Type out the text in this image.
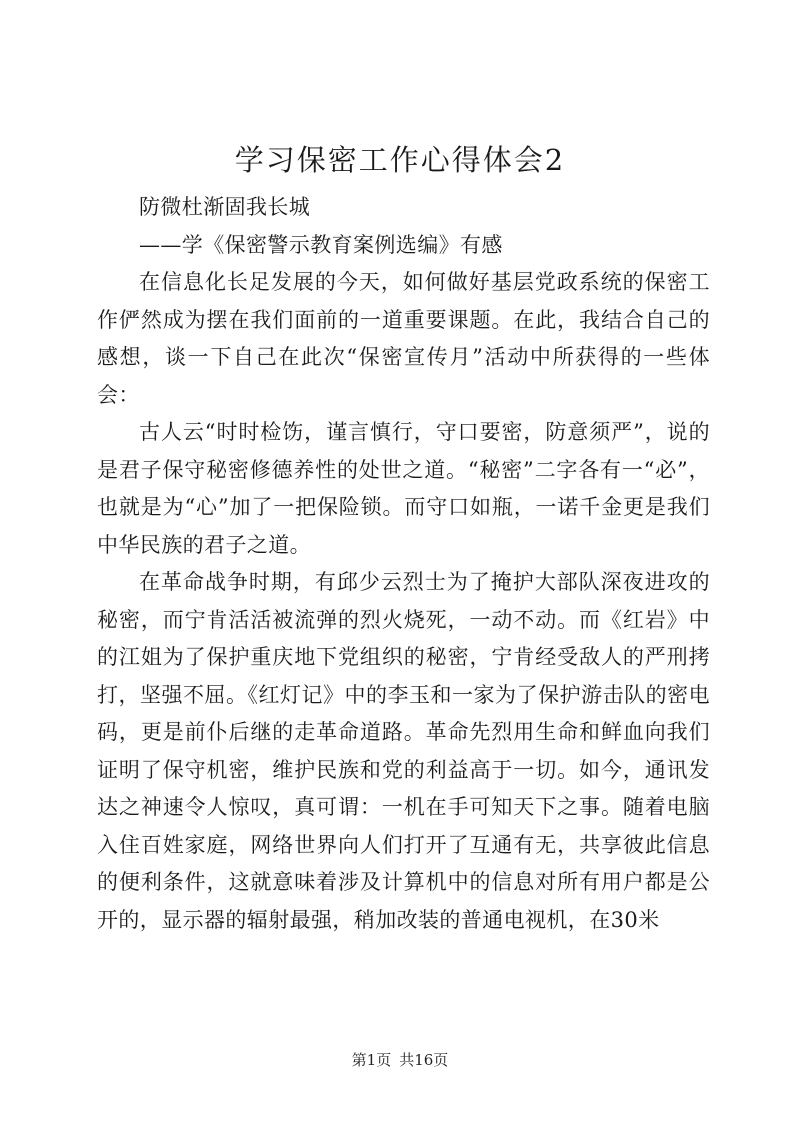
学习保密工作心得体会2

防微杜渐固我长城

——学《保密警示教育案例选编》有感

在信息化长足发展的今天，如何做好基层党政系统的保密工作俨然成为摆在我们面前的一道重要课题。在此，我结合自己的感想，谈一下自己在此次“保密宣传月”活动中所获得的一些体会：

古人云“时时检饬，谨言慎行，守口要密，防意须严”，说的是君子保守秘密修德养性的处世之道。“秘密”二字各有一“必”，也就是为“心”加了一把保险锁。而守口如瓶，一诺千金更是我们中华民族的君子之道。

在革命战争时期，有邱少云烈士为了掩护大部队深夜进攻的秘密，而宁肯活活被流弹的烈火烧死，一动不动。而《红岩》中的江姐为了保护重庆地下党组织的秘密，宁肯经受敌人的严刑拷打，坚强不屈。《红灯记》中的李玉和一家为了保护游击队的密电码，更是前仆后继的走革命道路。革命先烈用生命和鲜血向我们证明了保守机密，维护民族和党的利益高于一切。如今，通讯发达之神速令人惊叹，真可谓：一机在手可知天下之事。随着电脑入住百姓家庭，网络世界向人们打开了互通有无，共享彼此信息的便利条件，这就意味着涉及计算机中的信息对所有用户都是公开的，显示器的辐射最强，稍加改装的普通电视机，在30米

第1页 共16页
